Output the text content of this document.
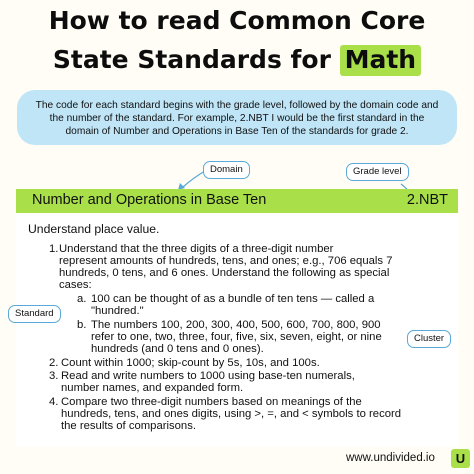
How to read Common Core
State Standards for Math

The code for each standard begins with the grade level, followed by the domain code and the number of the standard. For example, 2.NBT I would be the first standard in the domain of Number and Operations in Base Ten of the standards for grade 2.

Domain	Grade level
Number and Operations in Base Ten	2.NBT
Understand place value.
1. Understand that the three digits of a three-digit number
represent amounts of hundreds, tens, and ones; e.g., 706 equals 7
hundreds, 0 tens, and 6 ones. Understand the following as special
cases:
a. 100 can be thought of as a bundle of ten tens — called a
"hundred."
b. The numbers 100, 200, 300, 400, 500, 600, 700, 800, 900
refer to one, two, three, four, five, six, seven, eight, or nine
hundreds (and 0 tens and 0 ones).
2. Count within 1000; skip-count by 5s, 10s, and 100s.
3. Read and write numbers to 1000 using base-ten numerals,
number names, and expanded form.
4. Compare two three-digit numbers based on meanings of the
hundreds, tens, and ones digits, using >, =, and < symbols to record
the results of comparisons.
Standard
Cluster
www.undivided.io	U
